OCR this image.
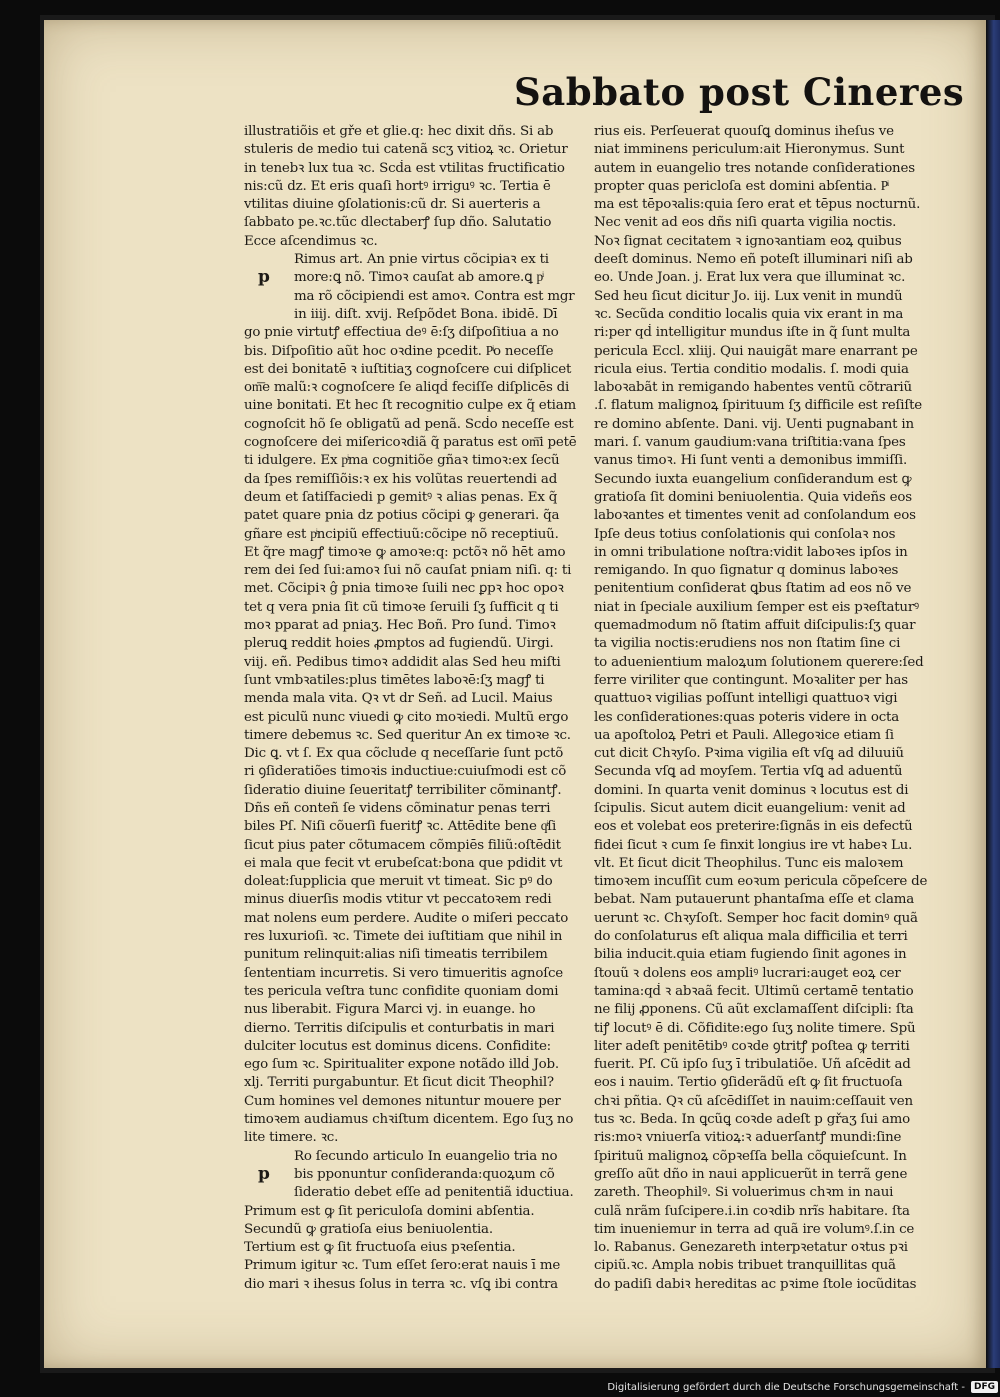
Sabbato post Cineres
illustratiõis et gře et glie.q: hec dixit dñs. Si ab
stuleris de medio tui catenã scʒ vitioꝝ ꝛc. Orietur
in tenebꝛ lux tua ꝛc. Scḋa est vtilitas fructificatio
nis:cũ dz. Et eris quaſi hortꝰ irriguꝰ ꝛc. Tertia ē
vtilitas diuine ꝯſolationis:cũ dr. Si auerteris a
ſabbato pe.ꝛc.tũc dlectaberꝭ ſup dño. Salutatio
Ecce aſcendimus ꝛc.
p
Rimus art. An pnie virtus cõcipiaꝛ ex ti
more:ꝗ nõ. Timoꝛ cauſat ab amore.ꝗ pͥ
ma rõ cõcipiendi est amoꝛ. Contra est mgr
in iiij. diſt. xvij. Reſpõdet Bona. ibidē. Dī
go pnie virtutꝭ effectiua deꝰ ē:ſʒ diſpoſitiua a no
bis. Diſpoſitio aũt hoc oꝛdine pcedit. Pͥo neceſſe
est dei bonitatē ꝛ iuſtitiaʒ cognoſcere cui diſplicet
om͞e malũ:ꝛ cognoſcere ſe aliqḋ feciſſe diſplicēs di
uine bonitati. Et hec ſt recognitio culpe ex q̃ etiam
cognoſcit hõ ſe obligatũ ad penã. Scḋo neceſſe est
cognoſcere dei miſericoꝛdiã q̃ paratus est om͞i petē
ti idulgere. Ex pͥma cognitiõe gñaꝛ timoꝛ:ex ſecũ
da ſpes remiſſiõis:ꝛ ex his volũtas reuertendi ad
deum et ſatiſfaciedi p gemitꝰ ꝛ alias penas. Ex q̃
patet quare pnia dz potius cõcipi ꝙ generari. q̃a
gñare est pͥncipiũ effectiuũ:cõcipe nõ receptiuũ.
Et q̃re magꝭ timoꝛe ꝙ amoꝛe:q: pctõꝛ nõ hēt amo
rem dei ſed ſui:amoꝛ ſui nõ cauſat pniam niſi. q: ti
met. Cõcipiꝛ ĝ pnia timoꝛe ſuili nec ꝑpꝛ hoc opoꝛ
tet q vera pnia ſit cũ timoꝛe ſeruili ſʒ ſufficit q ti
moꝛ pparat ad pniaʒ. Hec Boñ. Pro ſunḋ. Timoꝛ
pleruꝗ reddit hoies ꝓmptos ad fugiendũ. Uirgi.
viij. eñ. Pedibus timoꝛ addidit alas Sed heu miſti
ſunt vmbꝛatiles:plus timētes laboꝛē:ſʒ magꝭ ti
menda mala vita. Qꝛ vt dr Señ. ad Lucil. Maius
est piculũ nunc viuedi ꝙ cito moꝛiedi. Multũ ergo
timere debemus ꝛc. Sed queritur An ex timoꝛe ꝛc.
Dic ꝗ. vt ſ. Ex qua cõclude q neceſſarie ſunt pctõ
ri ꝯſideratiões timoꝛis inductiue:cuiuſmodi est cõ
ſideratio diuine ſeueritatꝭ terribiliter cõminantꝭ.
Dñs eñ conteñ ſe videns cõminatur penas terri
biles Pſ. Niſi cõuerſi fueritꝭ ꝛc. Attēdite bene qͥſi
ſicut pius pater cõtumacem cõmpiēs filiũ:oſtēdit
ei mala que fecit vt erubeſcat:bona que pdidit vt
doleat:ſupplicia que meruit vt timeat. Sic pꝰ do
minus diuerſis modis vtitur vt peccatoꝛem redi
mat nolens eum perdere. Audite o miſeri peccato
res luxurioſi. ꝛc. Timete dei iuſtitiam que nihil in
punitum relinquit:alias niſi timeatis terribilem
ſententiam incurretis. Si vero timueritis agnoſce
tes pericula veſtra tunc confidite quoniam domi
nus liberabit. Figura Marci vj. in euange. ho
dierno. Territis diſcipulis et conturbatis in mari
dulciter locutus est dominus dicens. Confidite:
ego ſum ꝛc. Spiritualiter expone notãdo illḋ Job.
xlj. Territi purgabuntur. Et ſicut dicit Theophil?
Cum homines vel demones nituntur mouere per
timoꝛem audiamus chꝛiſtum dicentem. Ego ſuʒ no
lite timere. ꝛc.
p
Ro ſecundo articulo In euangelio tria no
bis pponuntur conſideranda:quoꝝum cõ
ſideratio debet eſſe ad penitentiã iductiua.
Primum est ꝙ ſit periculoſa domini abſentia.
Secundũ ꝙ gratioſa eius beniuolentia.
Tertium est ꝙ ſit fructuoſa eius pꝛeſentia.
Primum igitur ꝛc. Tum eſſet ſero:erat nauis ī me
dio mari ꝛ ihesus ſolus in terra ꝛc. vſꝗ ibi contra
rius eis. Perſeuerat quouſꝗ dominus iheſus ve
niat imminens periculum:ait Hieronymus. Sunt
autem in euangelio tres notande conſiderationes
propter quas pericloſa est domini abſentia. Pͥ
ma est tēpoꝛalis:quia ſero erat et tēpus nocturnũ.
Nec venit ad eos dñs niſi quarta vigilia noctis.
Noꝛ ſignat cecitatem ꝛ ignoꝛantiam eoꝝ quibus
deeſt dominus. Nemo eñ poteſt illuminari niſi ab
eo. Unde Joan. j. Erat lux vera que illuminat ꝛc.
Sed heu ſicut dicitur Jo. iij. Lux venit in mundũ
ꝛc. Secũda conditio localis quia vix erant in ma
ri:per qḋ intelligitur mundus iſte in q̃ ſunt multa
pericula Eccl. xliij. Qui nauigãt mare enarrant pe
ricula eius. Tertia conditio modalis. ſ. modi quia
laboꝛabãt in remigando habentes ventũ cõtrariũ
.ſ. flatum malignoꝝ ſpirituum ſʒ difficile est reſiſte
re domino abſente. Dani. vij. Uenti pugnabant in
mari. ſ. vanum gaudium:vana triſtitia:vana ſpes
vanus timoꝛ. Hi ſunt venti a demonibus immiſſi.
Secundo iuxta euangelium conſiderandum est ꝙ
gratioſa ſit domini beniuolentia. Quia videñs eos
laboꝛantes et timentes venit ad conſolandum eos
Ipſe deus totius conſolationis qui conſolaꝛ nos
in omni tribulatione noſtra:vidit laboꝛes ipſos in
remigando. In quo ſignatur q dominus laboꝛes
penitentium conſiderat ꝗbus ſtatim ad eos nõ ve
niat in ſpeciale auxilium ſemper est eis pꝛeſtaturꝰ
quemadmodum nõ ſtatim affuit diſcipulis:ſʒ quar
ta vigilia noctis:erudiens nos non ſtatim ſine ci
to aduenientium maloꝝum ſolutionem querere:ſed
ferre viriliter que contingunt. Moꝛaliter per has
quattuoꝛ vigilias poſſunt intelligi quattuoꝛ vigi
les conſiderationes:quas poteris videre in octa
ua apoſtoloꝝ Petri et Pauli. Allegoꝛice etiam ſi
cut dicit Chꝛyſo. Pꝛima vigilia eſt vſꝗ ad diluuiũ
Secunda vſꝗ ad moyſem. Tertia vſꝗ ad aduentũ
domini. In quarta venit dominus ꝛ locutus est di
ſcipulis. Sicut autem dicit euangelium: venit ad
eos et volebat eos preterire:ſignãs in eis defectũ
fidei ſicut ꝛ cum ſe finxit longius ire vt habeꝛ Lu.
vlt. Et ſicut dicit Theophilus. Tunc eis maloꝛem
timoꝛem incuſſit cum eoꝛum pericula cõpeſcere de
bebat. Nam putauerunt phantaſma eſſe et clama
uerunt ꝛc. Chꝛyſoſt. Semper hoc facit dominꝰ quã
do conſolaturus eſt aliqua mala difficilia et terri
bilia inducit.quia etiam fugiendo ſinit agones in
ſtouũ ꝛ dolens eos ampliꝰ lucrari:auget eoꝝ cer
tamina:qḋ ꝛ abꝛaã fecit. Ultimũ certamē tentatio
ne filij ꝓponens. Cũ aũt exclamaſſent diſcipli: ſta
tiꝭ locutꝰ ē di. Cõfidite:ego ſuʒ nolite timere. Spũ
liter adeſt penitētibꝰ coꝛde ꝯtritꝭ poſtea ꝙ territi
fuerit. Pſ. Cũ ipſo ſuʒ ī tribulatiõe. Uñ aſcēdit ad
eos i nauim. Tertio ꝯſiderãdũ eſt ꝙ ſit fructuoſa
chꝛi pñtia. Qꝛ cũ aſcēdiſſet in nauim:ceſſauit ven
tus ꝛc. Beda. In ꝗcũꝗ coꝛde adeſt p gřaʒ ſui amo
ris:moꝛ vniuerſa vitioꝝ:ꝛ aduerſantꝭ mundi:ſine
ſpirituũ malignoꝝ cõpꝛeſſa bella cõquieſcunt. In
greſſo aũt dño in naui applicuerũt in terrã gene
zareth. Theophilꝰ. Si voluerimus chꝛm in naui
culã nrãm ſuſcipere.i.in coꝛdib nrĩs habitare. ſta
tim inueniemur in terra ad quã ire volumꝰ.ſ.in ce
lo. Rabanus. Genezareth interpꝛetatur oꝛtus pꝛi
cipiũ.ꝛc. Ampla nobis tribuet tranquillitas quã
do padiſi dabiꝛ hereditas ac pꝛime ſtole iocũditas
Digitalisierung gefördert durch die Deutsche Forschungsgemeinschaft -	DFG
